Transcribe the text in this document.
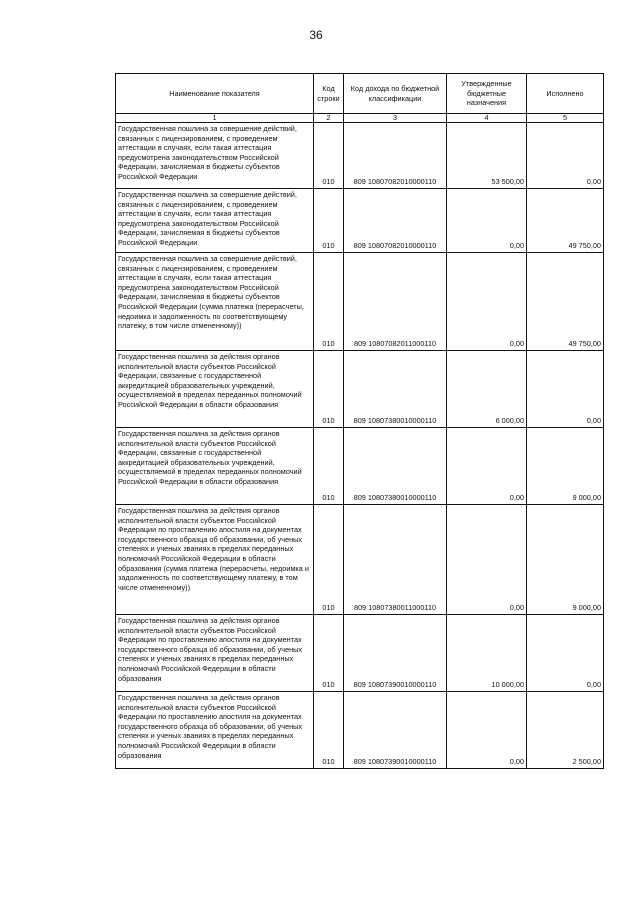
36
Наименование показателя	Код строки	Код дохода по бюджетной классификации	Утвержденные бюджетные назначения	Исполнено
1	2	3	4	5
Государственная пошлина за совершение действий, связанных с лицензированием, с проведением аттестации в случаях, если такая аттестация предусмотрена законодательством Российской Федерации, зачисляемая в бюджеты субъектов Российской Федерации	010	809 10807082010000110	53 500,00	0,00
Государственная пошлина за совершение действий, связанных с лицензированием, с проведением аттестации в случаях, если такая аттестация предусмотрена законодательством Российской Федерации, зачисляемая в бюджеты субъектов Российской Федерации	010	809 10807082010000110	0,00	49 750,00
Государственная пошлина за совершение действий, связанных с лицензированием, с проведением аттестации в случаях, если такая аттестация предусмотрена законодательством Российской Федерации, зачисляемая в бюджеты субъектов Российской Федерации (сумма платежа (перерасчеты, недоимка и задолженность по соответствующему платежу, в том числе отмененному))	010	809 10807082011000110	0,00	49 750,00
Государственная пошлина за действия органов исполнительной власти субъектов Российской Федерации, связанные с государственной аккредитацией образовательных учреждений, осуществляемой в пределах переданных полномочий Российской Федерации в области образования	010	809 10807380010000110	6 000,00	0,00
Государственная пошлина за действия органов исполнительной власти субъектов Российской Федерации, связанные с государственной аккредитацией образовательных учреждений, осуществляемой в пределах переданных полномочий Российской Федерации в области образования	010	809 10807380010000110	0,00	9 000,00
Государственная пошлина за действия органов исполнительной власти субъектов Российской Федерации по проставлению апостиля на документах государственного образца об образовании, об ученых степенях и ученых званиях в пределах переданных полномочий Российской Федерации в области образования (сумма платежа (перерасчеты, недоимка и задолженность по соответствующему платежу, в том числе отмененному))	010	809 10807380011000110	0,00	9 000,00
Государственная пошлина за действия органов исполнительной власти субъектов Российской Федерации по проставлению апостиля на документах государственного образца об образовании, об ученых степенях и ученых званиях в пределах переданных полномочий Российской Федерации в области образования	010	809 10807390010000110	10 000,00	0,00
Государственная пошлина за действия органов исполнительной власти субъектов Российской Федерации по проставлению апостиля на документах государственного образца об образовании, об ученых степенях и ученых званиях в пределах переданных полномочий Российской Федерации в области образования	010	809 10807390010000110	0,00	2 500,00
